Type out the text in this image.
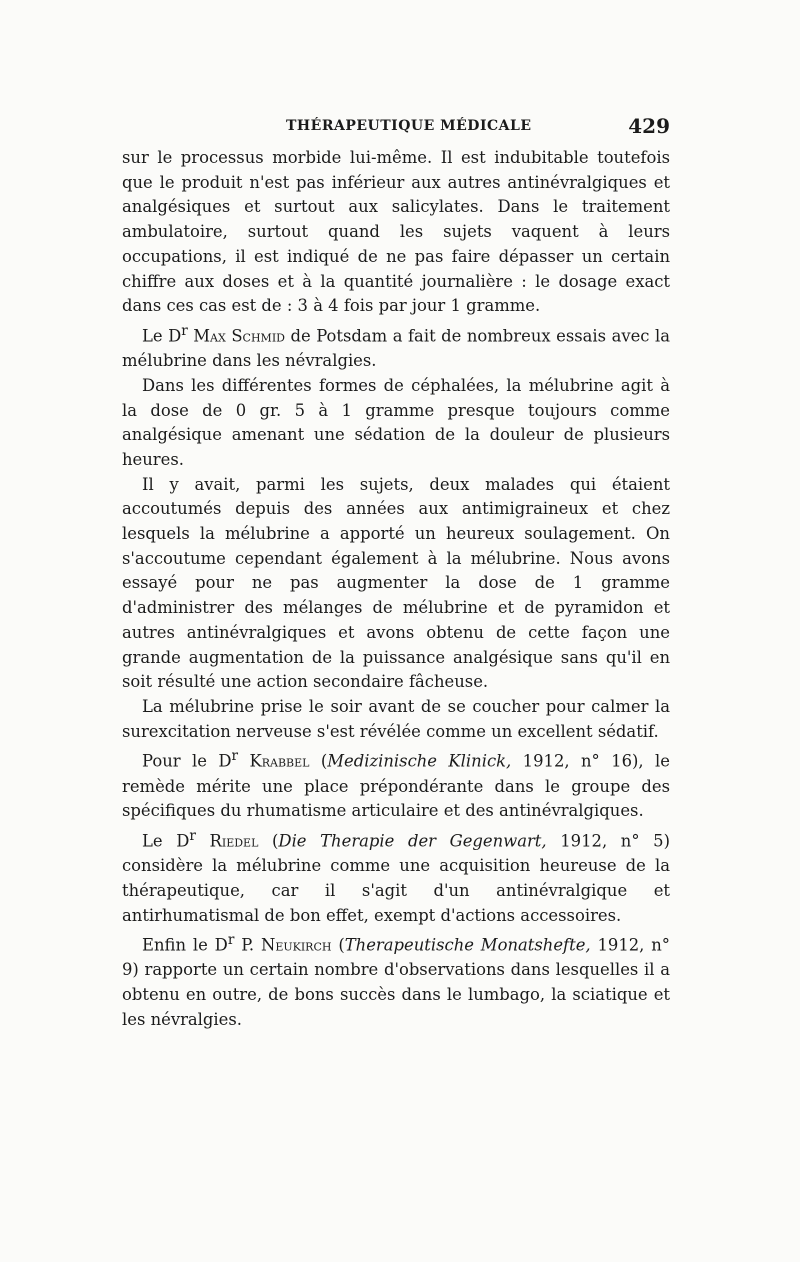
THÉRAPEUTIQUE MÉDICALE	429

sur le processus morbide lui-même. Il est indubitable toutefois que le produit n'est pas inférieur aux autres antinévralgiques et analgésiques et surtout aux salicylates. Dans le traitement ambulatoire, surtout quand les sujets vaquent à leurs occupations, il est indiqué de ne pas faire dépasser un certain chiffre aux doses et à la quantité journalière : le dosage exact dans ces cas est de : 3 à 4 fois par jour 1 gramme.

Le $D^r$ Max Schmid de Potsdam a fait de nombreux essais avec la mélubrine dans les névralgies.

Dans les différentes formes de céphalées, la mélubrine agit à la dose de 0 gr. 5 à 1 gramme presque toujours comme analgésique amenant une sédation de la douleur de plusieurs heures.

Il y avait, parmi les sujets, deux malades qui étaient accoutumés depuis des années aux antimigraineux et chez lesquels la mélubrine a apporté un heureux soulagement. On s'accoutume cependant également à la mélubrine. Nous avons essayé pour ne pas augmenter la dose de 1 gramme d'administrer des mélanges de mélubrine et de pyramidon et autres antinévralgiques et avons obtenu de cette façon une grande augmentation de la puissance analgésique sans qu'il en soit résulté une action secondaire fâcheuse.

La mélubrine prise le soir avant de se coucher pour calmer la surexcitation nerveuse s'est révélée comme un excellent sédatif.

Pour le $D^r$ Krabbel (Medizinische Klinick, 1912, n° 16), le remède mérite une place prépondérante dans le groupe des spécifiques du rhumatisme articulaire et des antinévralgiques.

Le $D^r$ Riedel (Die Therapie der Gegenwart, 1912, n° 5) considère la mélubrine comme une acquisition heureuse de la thérapeutique, car il s'agit d'un antinévralgique et antirhumatismal de bon effet, exempt d'actions accessoires.

Enfin le $D^r$ P. Neukirch (Therapeutische Monatshefte, 1912, n° 9) rapporte un certain nombre d'observations dans lesquelles il a obtenu en outre, de bons succès dans le lumbago, la sciatique et les névralgies.
